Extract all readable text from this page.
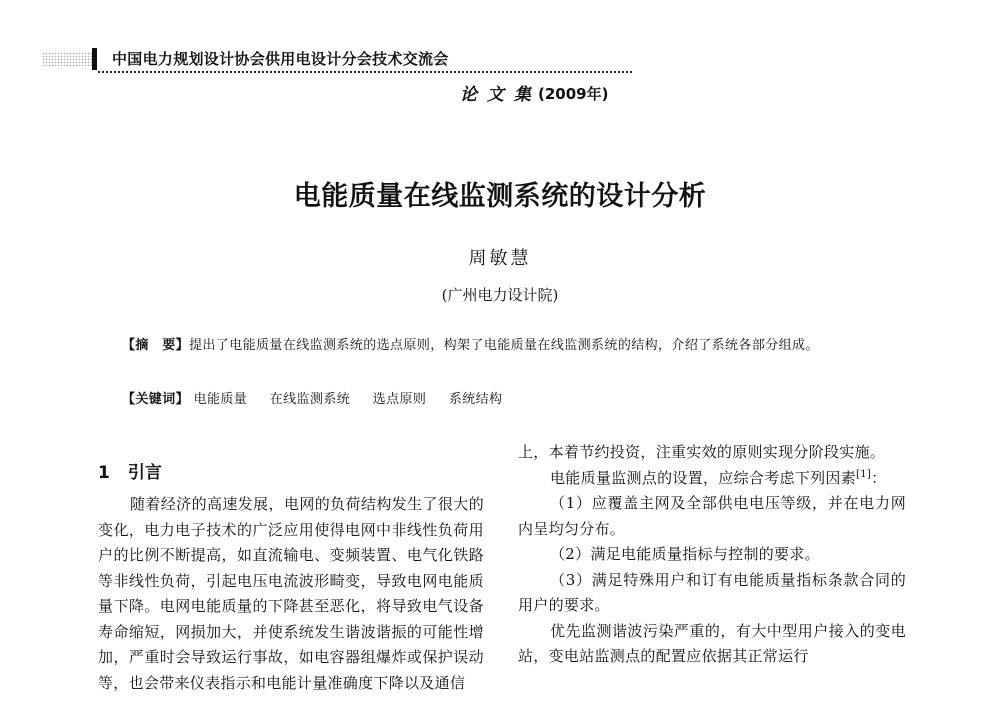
中国电力规划设计协会供用电设计分会技术交流会
论 文 集 (2009年)
电能质量在线监测系统的设计分析
周敏慧
(广州电力设计院)
【摘　要】提出了电能质量在线监测系统的选点原则，构架了电能质量在线监测系统的结构，介绍了系统各部分组成。
【关键词】 电能质量 在线监测系统 选点原则 系统结构
1 引言

随着经济的高速发展，电网的负荷结构发生了很大的变化，电力电子技术的广泛应用使得电网中非线性负荷用户的比例不断提高，如直流输电、变频装置、电气化铁路等非线性负荷，引起电压电流波形畸变，导致电网电能质量下降。电网电能质量的下降甚至恶化，将导致电气设备寿命缩短，网损加大，并使系统发生谐波谐振的可能性增加，严重时会导致运行事故，如电容器组爆炸或保护误动等，也会带来仪表指示和电能计量准确度下降以及通信

上，本着节约投资，注重实效的原则实现分阶段实施。

电能质量监测点的设置，应综合考虑下列因素[1]：

（1）应覆盖主网及全部供电电压等级，并在电力网内呈均匀分布。

（2）满足电能质量指标与控制的要求。

（3）满足特殊用户和订有电能质量指标条款合同的用户的要求。

优先监测谐波污染严重的，有大中型用户接入的变电站，变电站监测点的配置应依据其正常运行
